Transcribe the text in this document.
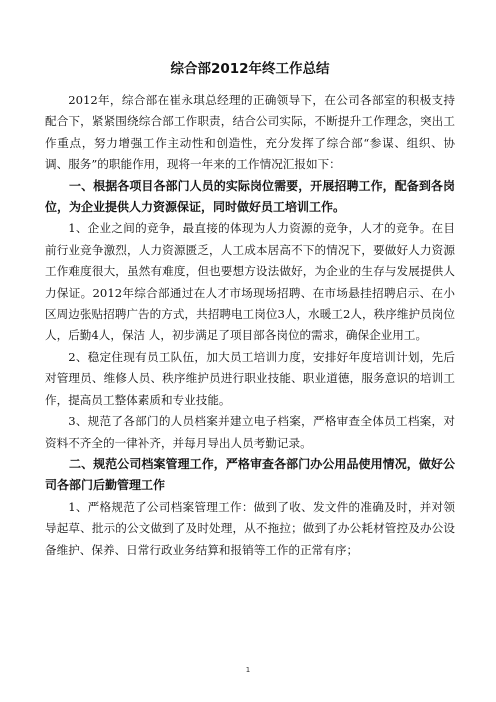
综合部2012年终工作总结

2012年，综合部在崔永琪总经理的正确领导下，在公司各部室的积极支持配合下，紧紧围绕综合部工作职责，结合公司实际，不断提升工作理念，突出工作重点，努力增强工作主动性和创造性，充分发挥了综合部“参谋、组织、协调、服务”的职能作用，现将一年来的工作情况汇报如下：

一、根据各项目各部门人员的实际岗位需要，开展招聘工作，配备到各岗位，为企业提供人力资源保证，同时做好员工培训工作。

1、企业之间的竞争，最直接的体现为人力资源的竞争，人才的竞争。在目前行业竞争激烈，人力资源匮乏，人工成本居高不下的情况下，要做好人力资源工作难度很大，虽然有难度，但也要想方设法做好，为企业的生存与发展提供人力保证。2012年综合部通过在人才市场现场招聘、在市场悬挂招聘启示、在小区周边张贴招聘广告的方式，共招聘电工岗位3人，水暖工2人，秩序维护员岗位 人，后勤4人，保洁 人，初步满足了项目部各岗位的需求，确保企业用工。

2、稳定住现有员工队伍，加大员工培训力度，安排好年度培训计划，先后对管理员、维修人员、秩序维护员进行职业技能、职业道德，服务意识的培训工作，提高员工整体素质和专业技能。

3、规范了各部门的人员档案并建立电子档案，严格审查全体员工档案，对资料不齐全的一律补齐，并每月导出人员考勤记录。

二、规范公司档案管理工作，严格审查各部门办公用品使用情况，做好公司各部门后勤管理工作

1、严格规范了公司档案管理工作：做到了收、发文件的准确及时，并对领导起草、批示的公文做到了及时处理，从不拖拉；做到了办公耗材管控及办公设备维护、保养、日常行政业务结算和报销等工作的正常有序；

1
